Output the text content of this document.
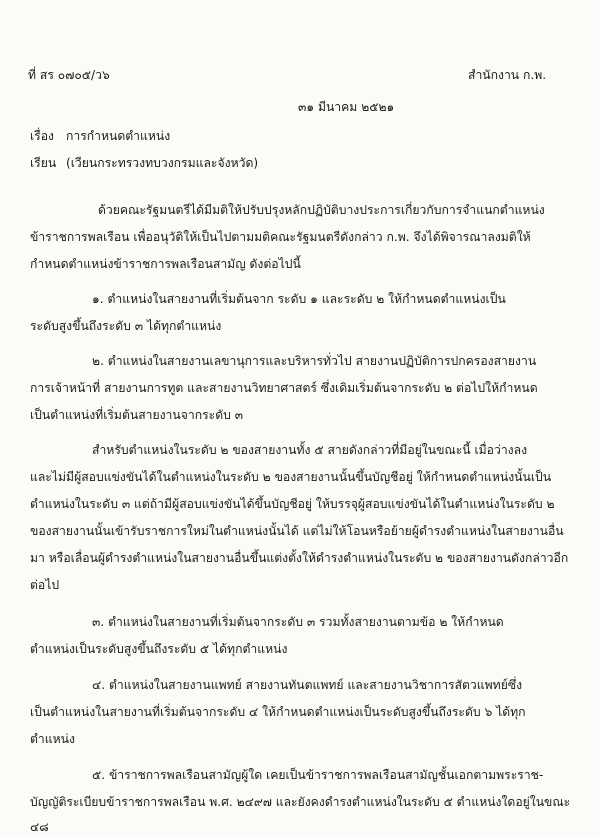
ที่ สร ๐๗๐๕/ว๖	สำนักงาน ก.พ.
๓๑ มีนาคม ๒๕๒๑
เรื่อง การกำหนดตำแหน่ง
เรียน (เวียนกระทรวงทบวงกรมและจังหวัด)
ด้วยคณะรัฐมนตรีได้มีมติให้ปรับปรุงหลักปฏิบัติบางประการเกี่ยวกับการจำแนกตำแหน่ง
ข้าราชการพลเรือน เพื่ออนุวัติให้เป็นไปตามมติคณะรัฐมนตรีดังกล่าว ก.พ. จึงได้พิจารณาลงมติให้
กำหนดตำแหน่งข้าราชการพลเรือนสามัญ ดังต่อไปนี้
๑. ตำแหน่งในสายงานที่เริ่มต้นจาก ระดับ ๑ และระดับ ๒ ให้กำหนดตำแหน่งเป็น
ระดับสูงขึ้นถึงระดับ ๓ ได้ทุกตำแหน่ง
๒. ตำแหน่งในสายงานเลขานุการและบริหารทั่วไป สายงานปฏิบัติการปกครองสายงาน
การเจ้าหน้าที่ สายงานการทูต และสายงานวิทยาศาสตร์ ซึ่งเดิมเริ่มต้นจากระดับ ๒ ต่อไปให้กำหนด
เป็นตำแหน่งที่เริ่มต้นสายงานจากระดับ ๓
สำหรับตำแหน่งในระดับ ๒ ของสายงานทั้ง ๕ สายดังกล่าวที่มีอยู่ในขณะนี้ เมื่อว่างลง
และไม่มีผู้สอบแข่งขันได้ในตำแหน่งในระดับ ๒ ของสายงานนั้นขึ้นบัญชีอยู่ ให้กำหนดตำแหน่งนั้นเป็น
ตำแหน่งในระดับ ๓ แต่ถ้ามีผู้สอบแข่งขันได้ขึ้นบัญชีอยู่ ให้บรรจุผู้สอบแข่งขันได้ในตำแหน่งในระดับ ๒
ของสายงานนั้นเข้ารับราชการใหม่ในตำแหน่งนั้นได้ แต่ไม่ให้โอนหรือย้ายผู้ดำรงตำแหน่งในสายงานอื่น
มา หรือเลื่อนผู้ดำรงตำแหน่งในสายงานอื่นขึ้นแต่งตั้งให้ดำรงตำแหน่งในระดับ ๒ ของสายงานดังกล่าวอีก
ต่อไป
๓. ตำแหน่งในสายงานที่เริ่มต้นจากระดับ ๓ รวมทั้งสายงานตามข้อ ๒ ให้กำหนด
ตำแหน่งเป็นระดับสูงขึ้นถึงระดับ ๕ ได้ทุกตำแหน่ง
๔. ตำแหน่งในสายงานแพทย์ สายงานทันตแพทย์ และสายงานวิชาการสัตวแพทย์ซึ่ง
เป็นตำแหน่งในสายงานที่เริ่มต้นจากระดับ ๔ ให้กำหนดตำแหน่งเป็นระดับสูงขึ้นถึงระดับ ๖ ได้ทุก
ตำแหน่ง
๕. ข้าราชการพลเรือนสามัญผู้ใด เคยเป็นข้าราชการพลเรือนสามัญชั้นเอกตามพระราช-
บัญญัติระเบียบข้าราชการพลเรือน พ.ศ. ๒๔๙๗ และยังคงดำรงตำแหน่งในระดับ ๕ ตำแหน่งใดอยู่ในขณะ
๔๘
